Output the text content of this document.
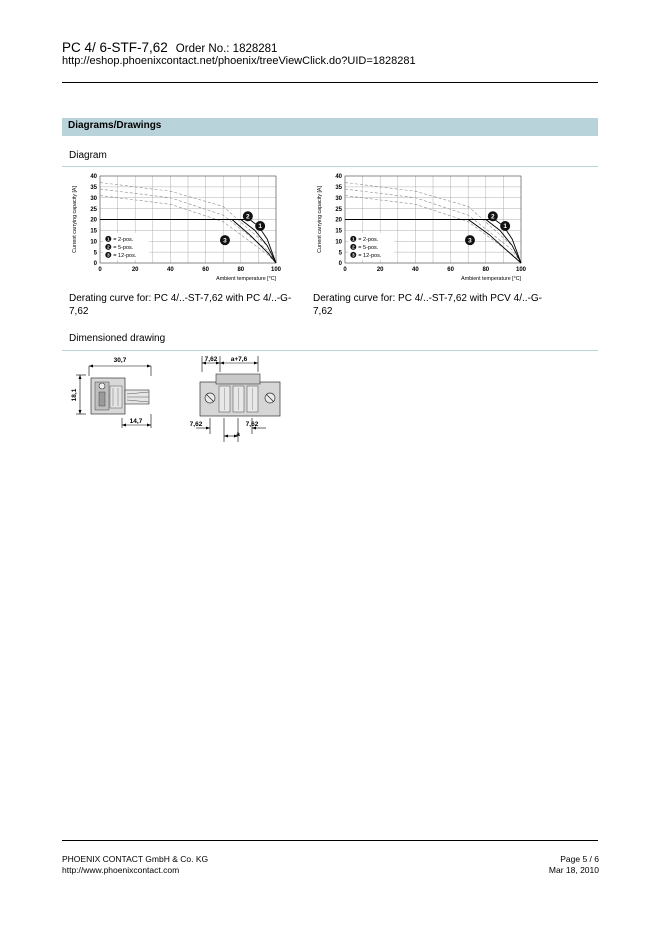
PC 4/ 6-STF-7,62 Order No.: 1828281
http://eshop.phoenixcontact.net/phoenix/treeViewClick.do?UID=1828281
Diagrams/Drawings
Diagram
40
35
30
25
20
15
10
5
0
0	20	40	60	80	100
Current carrying capacity [A]
Ambient temperature [°C]
1
2
3
1 = 2-pos.
2 = 5-pos.
3 = 12-pos.
Derating curve for: PC 4/..-ST-7,62 with PC 4/..-G-7,62
40
35
30
25
20
15
10
5
0
0	20	40	60	80	100
Current carrying capacity [A]
Ambient temperature [°C]
1
2
3
1 = 2-pos.
2 = 5-pos.
3 = 12-pos.
Derating curve for: PC 4/..-ST-7,62 with PCV 4/..-G-7,62
Dimensioned drawing
30,7
18,1
14,7
7,62 a+7,6
7,62	7,62
a
PHOENIX CONTACT GmbH & Co. KG
http://www.phoenixcontact.com
Page 5 / 6
Mar 18, 2010
